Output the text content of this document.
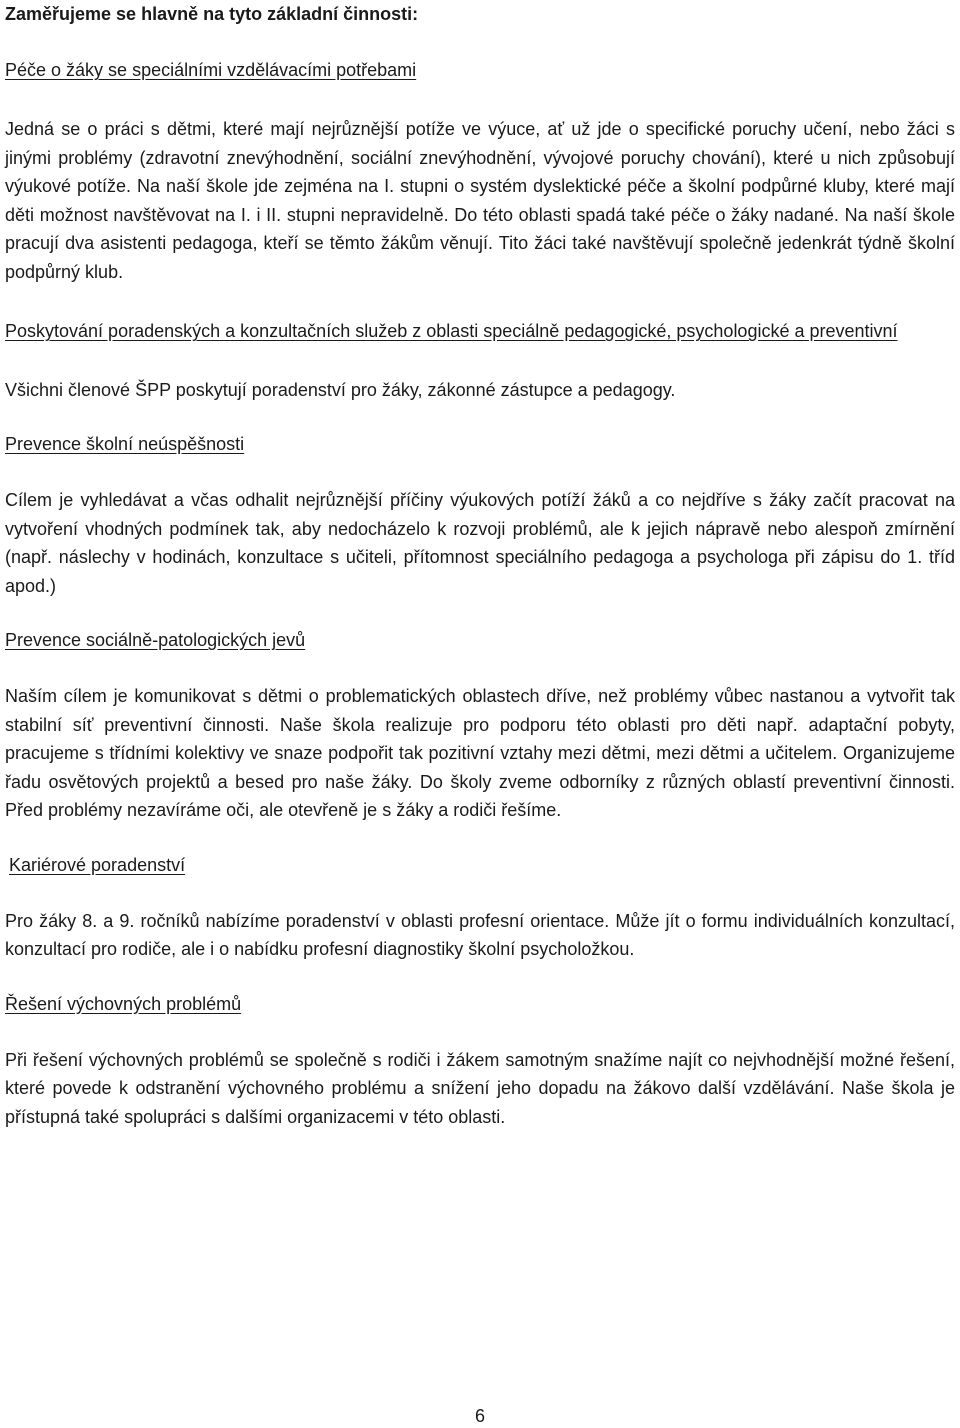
Zaměřujeme se hlavně na tyto základní činnosti:
Péče o žáky se speciálními vzdělávacími potřebami

Jedná se o práci s dětmi, které mají nejrůznější potíže ve výuce, ať už jde o specifické poruchy učení, nebo žáci s jinými problémy (zdravotní znevýhodnění, sociální znevýhodnění, vývojové poruchy chování), které u nich způsobují výukové potíže. Na naší škole jde zejména na I. stupni o systém dyslektické péče a školní podpůrné kluby, které mají děti možnost navštěvovat na I. i II. stupni nepravidelně. Do této oblasti spadá také péče o žáky nadané. Na naší škole pracují dva asistenti pedagoga, kteří se těmto žákům věnují. Tito žáci také navštěvují společně jedenkrát týdně školní podpůrný klub.

Poskytování poradenských a konzultačních služeb z oblasti speciálně pedagogické, psychologické a preventivní

Všichni členové ŠPP poskytují poradenství pro žáky, zákonné zástupce a pedagogy.

Prevence školní neúspěšnosti

Cílem je vyhledávat a včas odhalit nejrůznější příčiny výukových potíží žáků a co nejdříve s žáky začít pracovat na vytvoření vhodných podmínek tak, aby nedocházelo k rozvoji problémů, ale k jejich nápravě nebo alespoň zmírnění (např. náslechy v hodinách, konzultace s učiteli, přítomnost speciálního pedagoga a psychologa při zápisu do 1. tříd apod.)

Prevence sociálně-patologických jevů

Naším cílem je komunikovat s dětmi o problematických oblastech dříve, než problémy vůbec nastanou a vytvořit tak stabilní síť preventivní činnosti. Naše škola realizuje pro podporu této oblasti pro děti např. adaptační pobyty, pracujeme s třídními kolektivy ve snaze podpořit tak pozitivní vztahy mezi dětmi, mezi dětmi a učitelem. Organizujeme řadu osvětových projektů a besed pro naše žáky. Do školy zveme odborníky z různých oblastí preventivní činnosti. Před problémy nezavíráme oči, ale otevřeně je s žáky a rodiči řešíme.

Kariérové poradenství

Pro žáky 8. a 9. ročníků nabízíme poradenství v oblasti profesní orientace. Může jít o formu individuálních konzultací, konzultací pro rodiče, ale i o nabídku profesní diagnostiky školní psycholožkou.

Řešení výchovných problémů

Při řešení výchovných problémů se společně s rodiči i žákem samotným snažíme najít co nejvhodnější možné řešení, které povede k odstranění výchovného problému a snížení jeho dopadu na žákovo další vzdělávání. Naše škola je přístupná také spolupráci s dalšími organizacemi v této oblasti.

6
